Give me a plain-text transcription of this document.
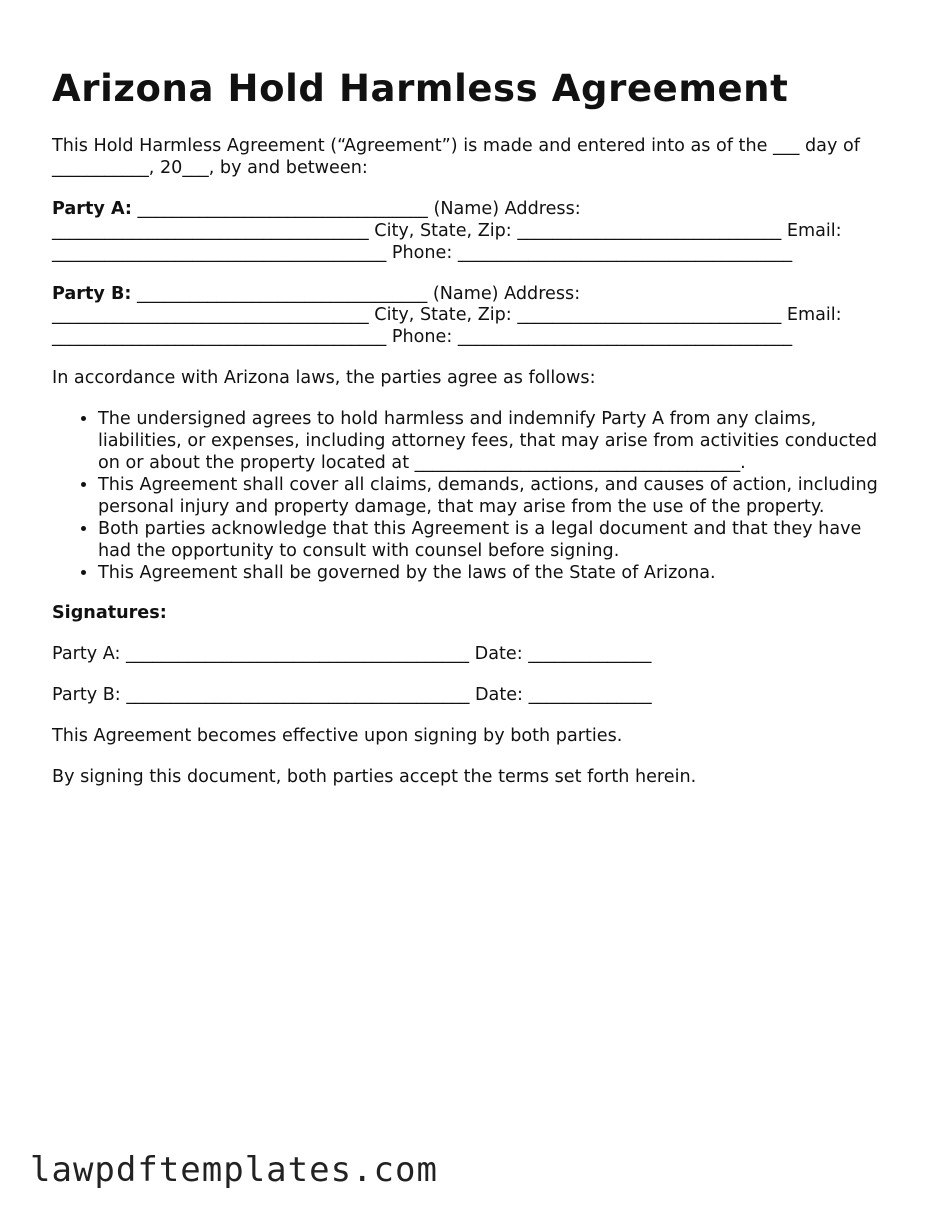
Arizona Hold Harmless Agreement

This Hold Harmless Agreement (“Agreement”) is made and entered into as of the ___ day of ___________, 20___, by and between:

Party A: _________________________________ (Name) Address: ____________________________________ City, State, Zip: ______________________________ Email: ______________________________________ Phone: ______________________________________

Party B: _________________________________ (Name) Address: ____________________________________ City, State, Zip: ______________________________ Email: ______________________________________ Phone: ______________________________________

In accordance with Arizona laws, the parties agree as follows:

• The undersigned agrees to hold harmless and indemnify Party A from any claims, liabilities, or expenses, including attorney fees, that may arise from activities conducted on or about the property located at _____________________________________.
• This Agreement shall cover all claims, demands, actions, and causes of action, including personal injury and property damage, that may arise from the use of the property.
• Both parties acknowledge that this Agreement is a legal document and that they have had the opportunity to consult with counsel before signing.
• This Agreement shall be governed by the laws of the State of Arizona.

Signatures:

Party A: _______________________________________ Date: ______________

Party B: _______________________________________ Date: ______________

This Agreement becomes effective upon signing by both parties.

By signing this document, both parties accept the terms set forth herein.

lawpdftemplates.com
